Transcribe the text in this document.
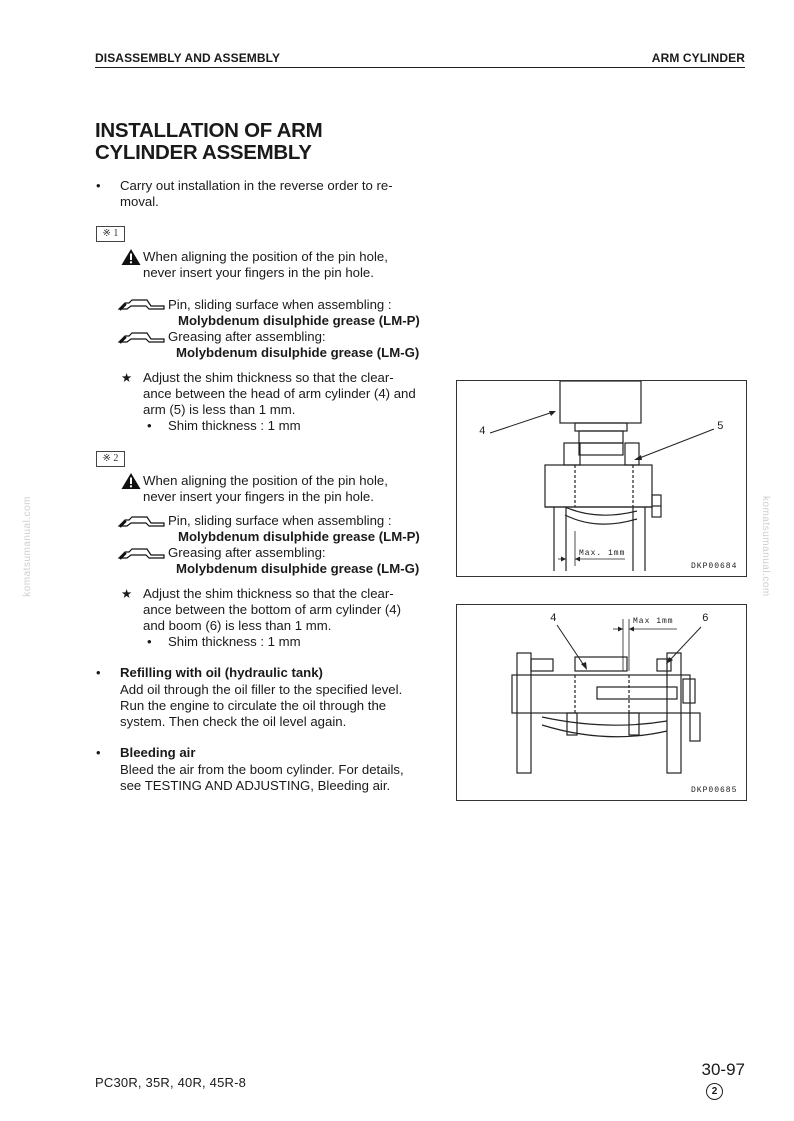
DISASSEMBLY AND ASSEMBLY	ARM CYLINDER
INSTALLATION OF ARM
CYLINDER ASSEMBLY
• Carry out installation in the reverse order to re-
moval.
※ 1
When aligning the position of the pin hole,
never insert your fingers in the pin hole.
Pin, sliding surface when assembling :
Molybdenum disulphide grease (LM-P)
Greasing after assembling:
Molybdenum disulphide grease (LM-G)
★ Adjust the shim thickness so that the clear-
ance between the head of arm cylinder (4) and
arm (5) is less than 1 mm.
• Shim thickness : 1 mm
※ 2
When aligning the position of the pin hole,
never insert your fingers in the pin hole.
Pin, sliding surface when assembling :
Molybdenum disulphide grease (LM-P)
Greasing after assembling:
Molybdenum disulphide grease (LM-G)
★ Adjust the shim thickness so that the clear-
ance between the bottom of arm cylinder (4)
and boom (6) is less than 1 mm.
• Shim thickness : 1 mm
• Refilling with oil (hydraulic tank)
Add oil through the oil filler to the specified level.
Run the engine to circulate the oil through the
system. Then check the oil level again.
• Bleeding air
Bleed the air from the boom cylinder. For details,
see TESTING AND ADJUSTING, Bleeding air.
4	5
Max. 1mm
DKP00684
4	6
Max 1mm
DKP00685
komatsumanual.com	komatsumanual.com
PC30R, 35R, 40R, 45R-8
30-97
2
